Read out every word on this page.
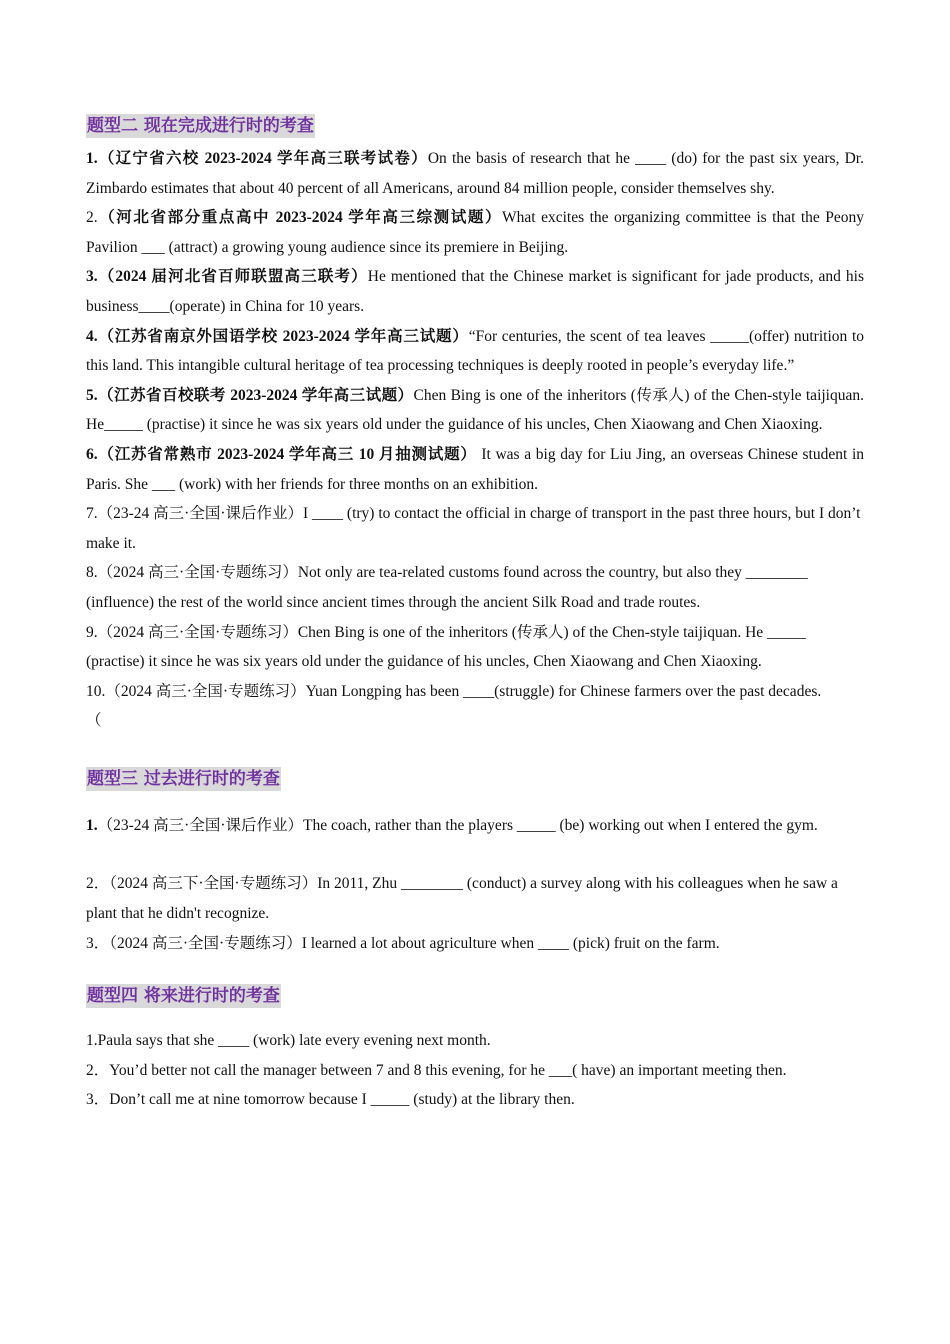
题型二 现在完成进行时的考查

1.（辽宁省六校 2023-2024 学年高三联考试卷）On the basis of research that he ____ (do) for the past six years, Dr. Zimbardo estimates that about 40 percent of all Americans, around 84 million people, consider themselves shy.

2.（河北省部分重点高中 2023-2024 学年高三综测试题）What excites the organizing committee is that the Peony Pavilion ___ (attract) a growing young audience since its premiere in Beijing.

3.（2024 届河北省百师联盟高三联考）He mentioned that the Chinese market is significant for jade products, and his business____(operate) in China for 10 years.

4.（江苏省南京外国语学校 2023-2024 学年高三试题）“For centuries, the scent of tea leaves _____(offer) nutrition to this land. This intangible cultural heritage of tea processing techniques is deeply rooted in people’s everyday life.”

5.（江苏省百校联考 2023-2024 学年高三试题）Chen Bing is one of the inheritors (传承人) of the Chen-style taijiquan. He_____ (practise) it since he was six years old under the guidance of his uncles, Chen Xiaowang and Chen Xiaoxing.

6.（江苏省常熟市 2023-2024 学年高三 10 月抽测试题） It was a big day for Liu Jing, an overseas Chinese student in Paris. She ___ (work) with her friends for three months on an exhibition.

7.（23-24 高三·全国·课后作业）I ____ (try) to contact the official in charge of transport in the past three hours, but I don’t make it.

8.（2024 高三·全国·专题练习）Not only are tea-related customs found across the country, but also they ________ (influence) the rest of the world since ancient times through the ancient Silk Road and trade routes.

9.（2024 高三·全国·专题练习）Chen Bing is one of the inheritors (传承人) of the Chen-style taijiquan. He _____ (practise) it since he was six years old under the guidance of his uncles, Chen Xiaowang and Chen Xiaoxing.

10.（2024 高三·全国·专题练习）Yuan Longping has been ____(struggle) for Chinese farmers over the past decades. （

题型三 过去进行时的考查

1.（23-24 高三·全国·课后作业）The coach, rather than the players _____ (be) working out when I entered the gym.

2．（2024 高三下·全国·专题练习）In 2011, Zhu ________ (conduct) a survey along with his colleagues when he saw a plant that he didn't recognize.

3．（2024 高三·全国·专题练习）I learned a lot about agriculture when ____ (pick) fruit on the farm.

题型四 将来进行时的考查

1.Paula says that she ____ (work) late every evening next month.

2．You’d better not call the manager between 7 and 8 this evening, for he ___( have) an important meeting then.

3．Don’t call me at nine tomorrow because I _____ (study) at the library then.
